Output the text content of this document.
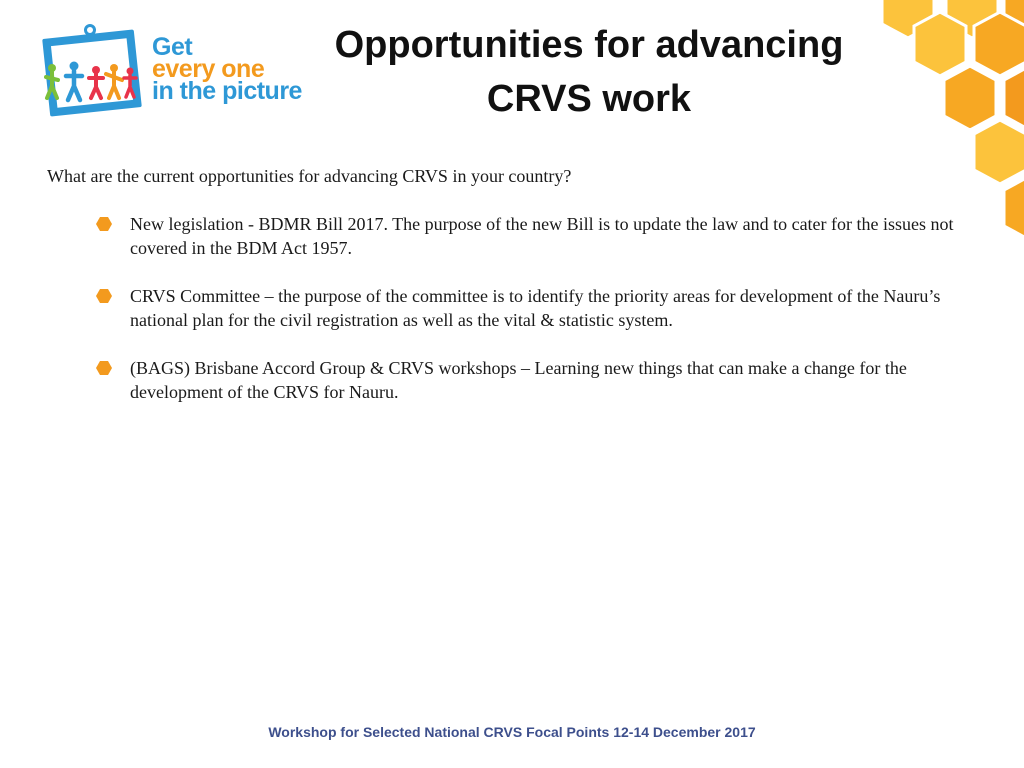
Get
every one
in the picture
Opportunities for advancing
CRVS work
What are the current opportunities for advancing CRVS in your country?
New legislation - BDMR Bill 2017. The purpose of the new Bill is to update the law and to cater for the issues not covered in the BDM Act 1957.
CRVS Committee – the purpose of the committee is to identify the priority areas for development of the Nauru’s national plan for the civil registration as well as the vital & statistic system.
(BAGS) Brisbane Accord Group & CRVS workshops – Learning new things that can make a change for the development of the CRVS for Nauru.
Workshop for Selected National CRVS Focal Points 12-14 December 2017
